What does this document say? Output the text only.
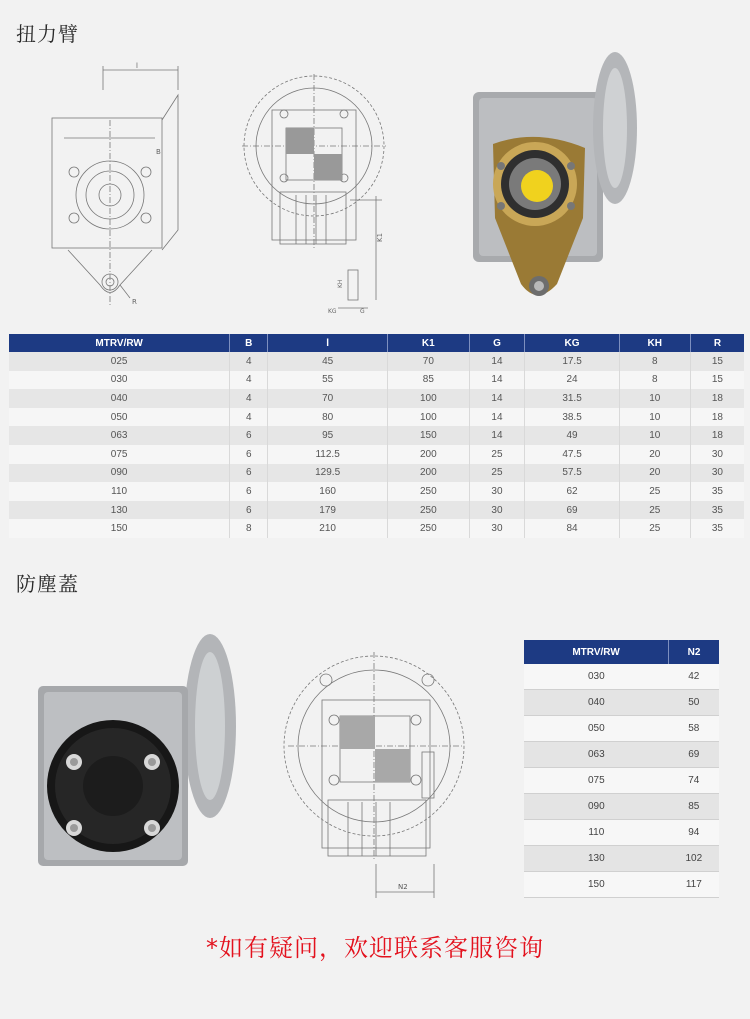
扭力臂
l
B
R
K1
KH
KG	G
MTRV/RW	B	l	K1	G	KG	KH	R
025	4	45	70	14	17.5	8	15
030	4	55	85	14	24	8	15
040	4	70	100	14	31.5	10	18
050	4	80	100	14	38.5	10	18
063	6	95	150	14	49	10	18
075	6	112.5	200	25	47.5	20	30
090	6	129.5	200	25	57.5	20	30
110	6	160	250	30	62	25	35
130	6	179	250	30	69	25	35
150	8	210	250	30	84	25	35
防塵蓋
N2
MTRV/RW	N2
030	42
040	50
050	58
063	69
075	74
090	85
110	94
130	102
150	117
*如有疑问，欢迎联系客服咨询
